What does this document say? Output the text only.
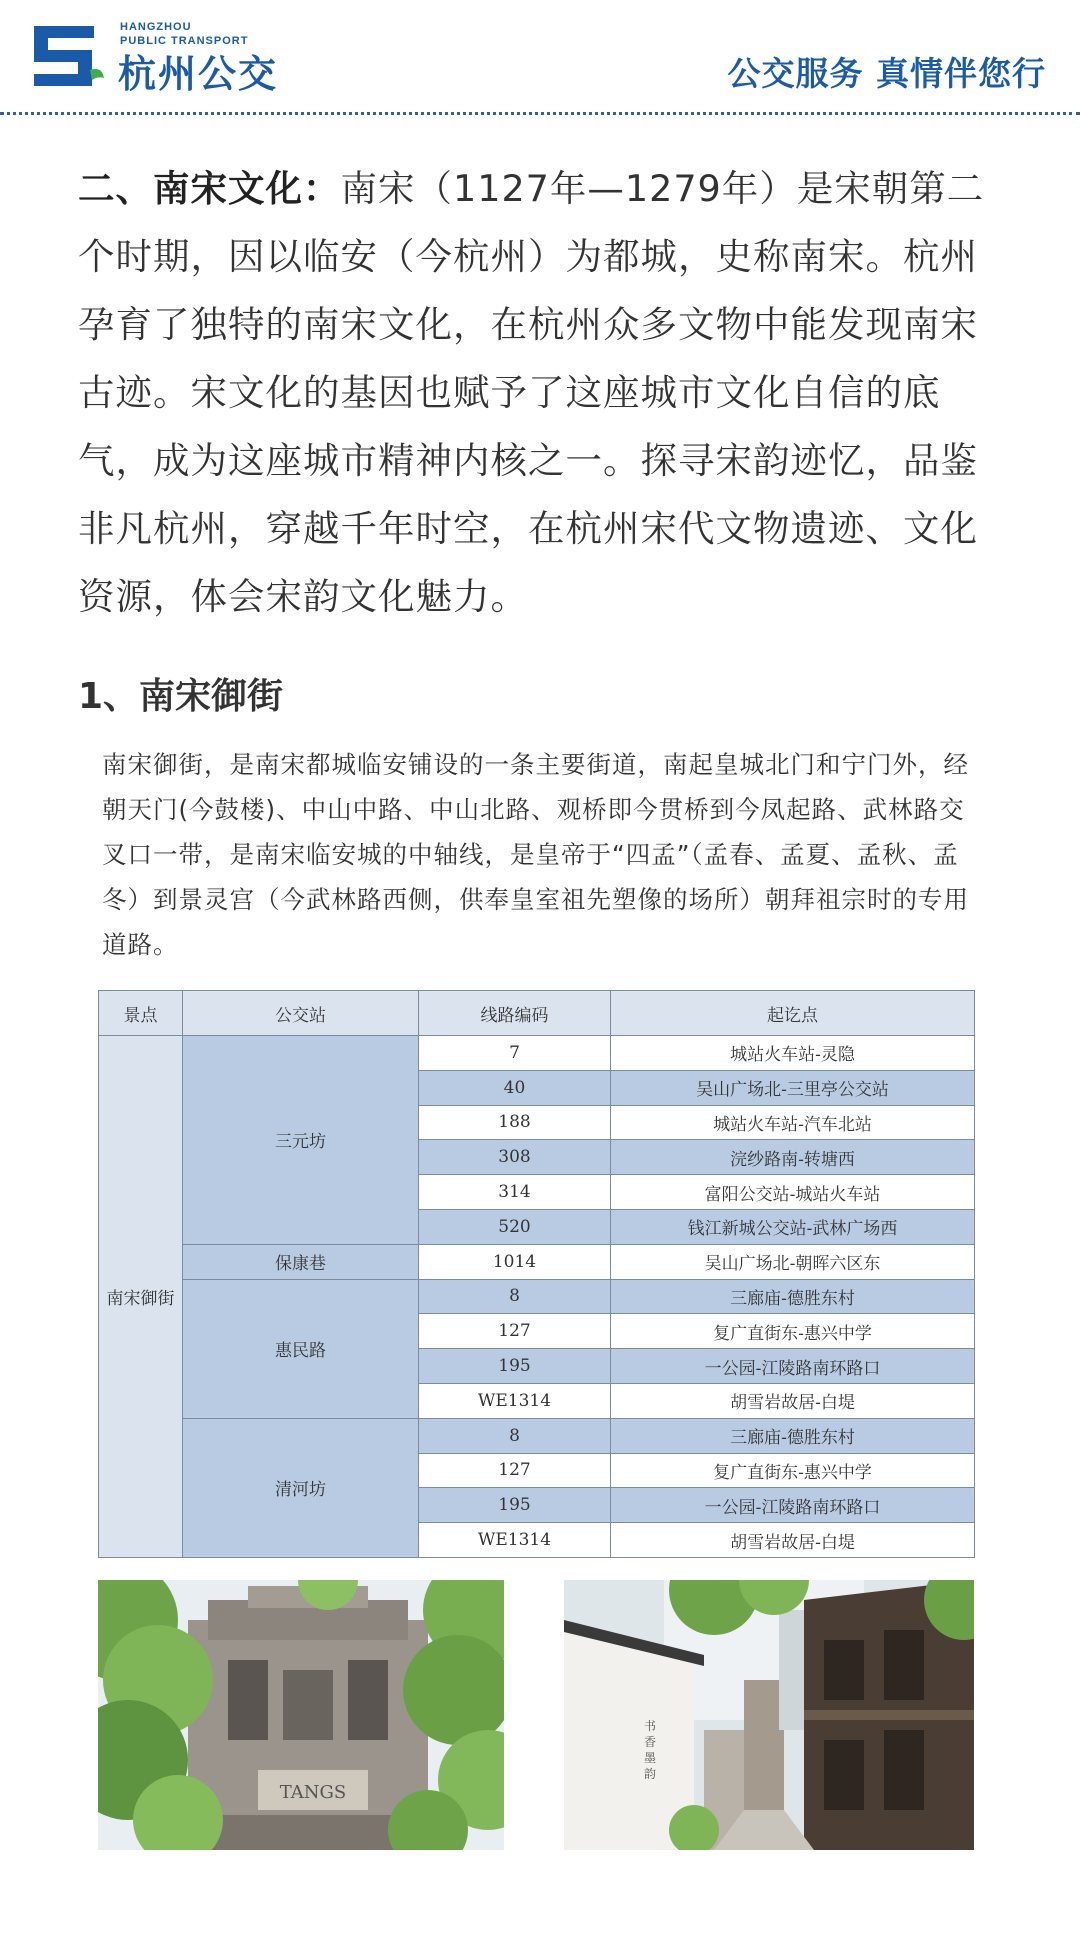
HANGZHOU
PUBLIC TRANSPORT
杭州公交	公交服务 真情伴您行

二、南宋文化：南宋（1127年—1279年）是宋朝第二个时期，因以临安（今杭州）为都城，史称南宋。杭州孕育了独特的南宋文化，在杭州众多文物中能发现南宋古迹。宋文化的基因也赋予了这座城市文化自信的底气，成为这座城市精神内核之一。探寻宋韵迹忆，品鉴非凡杭州，穿越千年时空，在杭州宋代文物遗迹、文化资源，体会宋韵文化魅力。

1、南宋御街

南宋御街，是南宋都城临安铺设的一条主要街道，南起皇城北门和宁门外，经朝天门(今鼓楼)、中山中路、中山北路、观桥即今贯桥到今凤起路、武林路交叉口一带，是南宋临安城的中轴线，是皇帝于“四孟”（孟春、孟夏、孟秋、孟冬）到景灵宫（今武林路西侧，供奉皇室祖先塑像的场所）朝拜祖宗时的专用道路。

景点	公交站	线路编码	起讫点
南宋御街	三元坊	7	城站火车站-灵隐
		40	吴山广场北-三里亭公交站
		188	城站火车站-汽车北站
		308	浣纱路南-转塘西
		314	富阳公交站-城站火车站
		520	钱江新城公交站-武林广场西
	保康巷	1014	吴山广场北-朝晖六区东
	惠民路	8	三廊庙-德胜东村
		127	复广直街东-惠兴中学
		195	一公园-江陵路南环路口
		WE1314	胡雪岩故居-白堤
	清河坊	8	三廊庙-德胜东村
		127	复广直街东-惠兴中学
		195	一公园-江陵路南环路口
		WE1314	胡雪岩故居-白堤
TANGS
书
香
墨
韵
